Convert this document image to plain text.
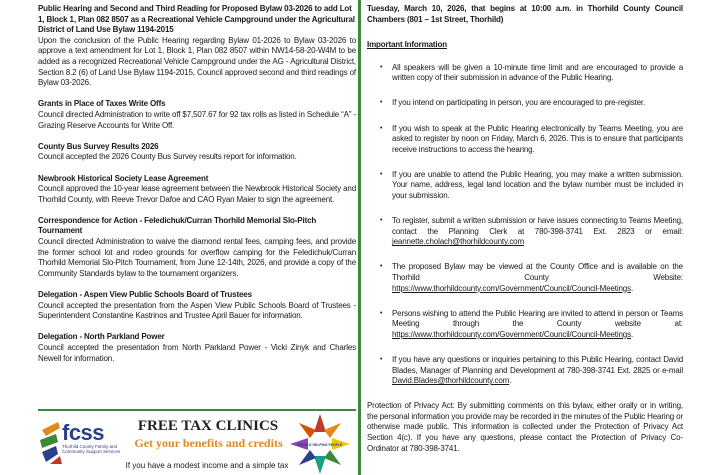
Public Hearing and Second and Third Reading for Proposed Bylaw 03-2026 to add Lot 1, Block 1, Plan 082 8507 as a Recreational Vehicle Campground under the Agricultural District of Land Use Bylaw 1194-2015
Upon the conclusion of the Public Hearing regarding Bylaw 01-2026 to Bylaw 03-2026 to approve a text amendment for Lot 1, Block 1, Plan 082 8507 within NW14-58-20-W4M to be added as a recognized Recreational Vehicle Campground under the AG - Agricultural District, Section 8.2 (6) of Land Use Bylaw 1194-2015, Council approved second and third readings of Bylaw 03-2026.
Grants in Place of Taxes Write Offs
Council directed Administration to write off $7,507.67 for 92 tax rolls as listed in Schedule “A” - Grazing Reserve Accounts for Write Off.
County Bus Survey Results 2026
Council accepted the 2026 County Bus Survey results report for information.
Newbrook Historical Society Lease Agreement
Council approved the 10-year lease agreement between the Newbrook Historical Society and Thorhild County, with Reeve Trevor Dafoe and CAO Ryan Maier to sign the agreement.
Correspondence for Action - Feledichuk/Curran Thorhild Memorial Slo-Pitch Tournament
Council directed Administration to waive the diamond rental fees, camping fees, and provide the former school lot and rodeo grounds for overflow camping for the Feledichuk/Curran Thorhild Memorial Slo-Pitch Tournament, from June 12-14th, 2026, and provide a copy of the Community Standards bylaw to the tournament organizers.
Delegation - Aspen View Public Schools Board of Trustees
Council accepted the presentation from the Aspen View Public Schools Board of Trustees - Superintendent Constantine Kastrinos and Trustee April Bauer for information.
Delegation - North Parkland Power
Council accepted the presentation from North Parkland Power - Vicki Zinyk and Charles Newell for information.
Tuesday, March 10, 2026, that begins at 10:00 a.m. in Thorhild County Council Chambers (801 – 1st Street, Thorhild)
Important Information
• All speakers will be given a 10-minute time limit and are encouraged to provide a written copy of their submission in advance of the Public Hearing.
• If you intend on participating in person, you are encouraged to pre-register.
• If you wish to speak at the Public Hearing electronically by Teams Meeting, you are asked to register by noon on Friday, March 6, 2026. This is to ensure that participants receive instructions to access the hearing.
• If you are unable to attend the Public Hearing, you may make a written submission. Your name, address, legal land location and the bylaw number must be included in your submission.
• To register, submit a written submission or have issues connecting to Teams Meeting, contact the Planning Clerk at 780-398-3741 Ext. 2823 or email: jeannette.cholach@thorhildcounty.com
• The proposed Bylaw may be viewed at the County Office and is available on the Thorhild County Website: https://www.thorhildcounty.com/Government/Council/Council-Meetings.
• Persons wishing to attend the Public Hearing are invited to attend in person or Teams Meeting through the County website at: https://www.thorhildcounty.com/Government/Council/Council-Meetings.
• If you have any questions or inquiries pertaining to this Public Hearing, contact David Blades, Manager of Planning and Development at 780-398-3741 Ext. 2825 or e-mail David.Blades@thorhildcounty.com.
Protection of Privacy Act: By submitting comments on this bylaw, either orally or in writing, the personal information you provide may be recorded in the minutes of the Public Hearing or otherwise made public. This information is collected under the Protection of Privacy Act Section 4(c). If you have any questions, please contact the Protection of Privacy Co-Ordinator at 780-398-3741.
fcss
Thorhild County Family and Community Support Services
FREE TAX CLINICS
Get your benefits and credits
If you have a modest income and a simple tax
PEOPLE HELPING PEOPLE
